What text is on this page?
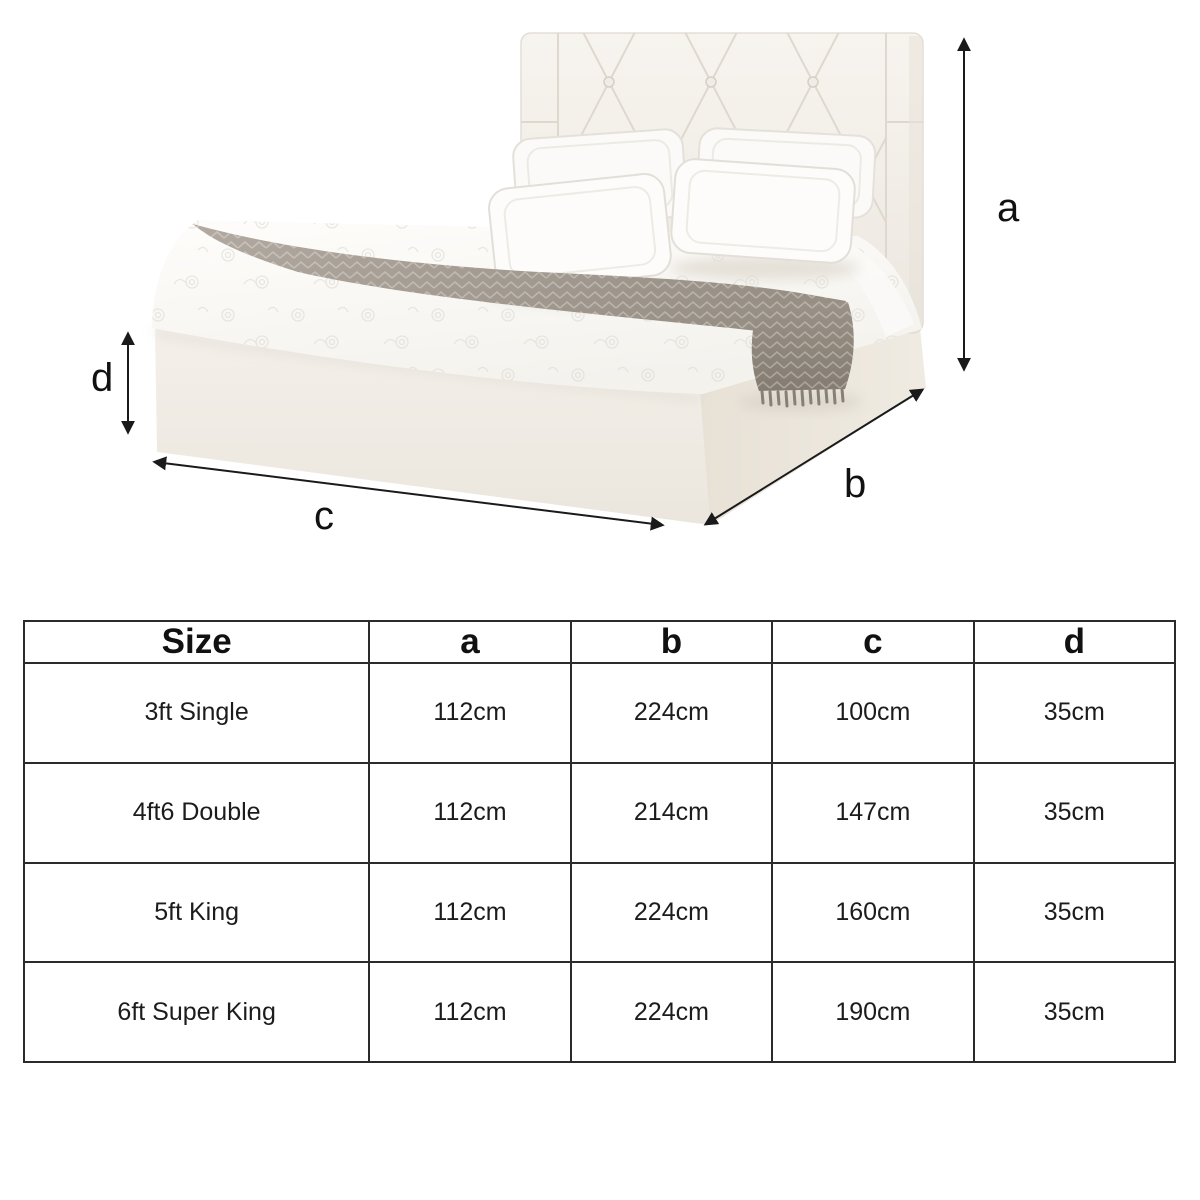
a
d
c
b
Size	a	b	c	d
3ft Single	112cm	224cm	100cm	35cm
4ft6 Double	112cm	214cm	147cm	35cm
5ft King	112cm	224cm	160cm	35cm
6ft Super King	112cm	224cm	190cm	35cm
